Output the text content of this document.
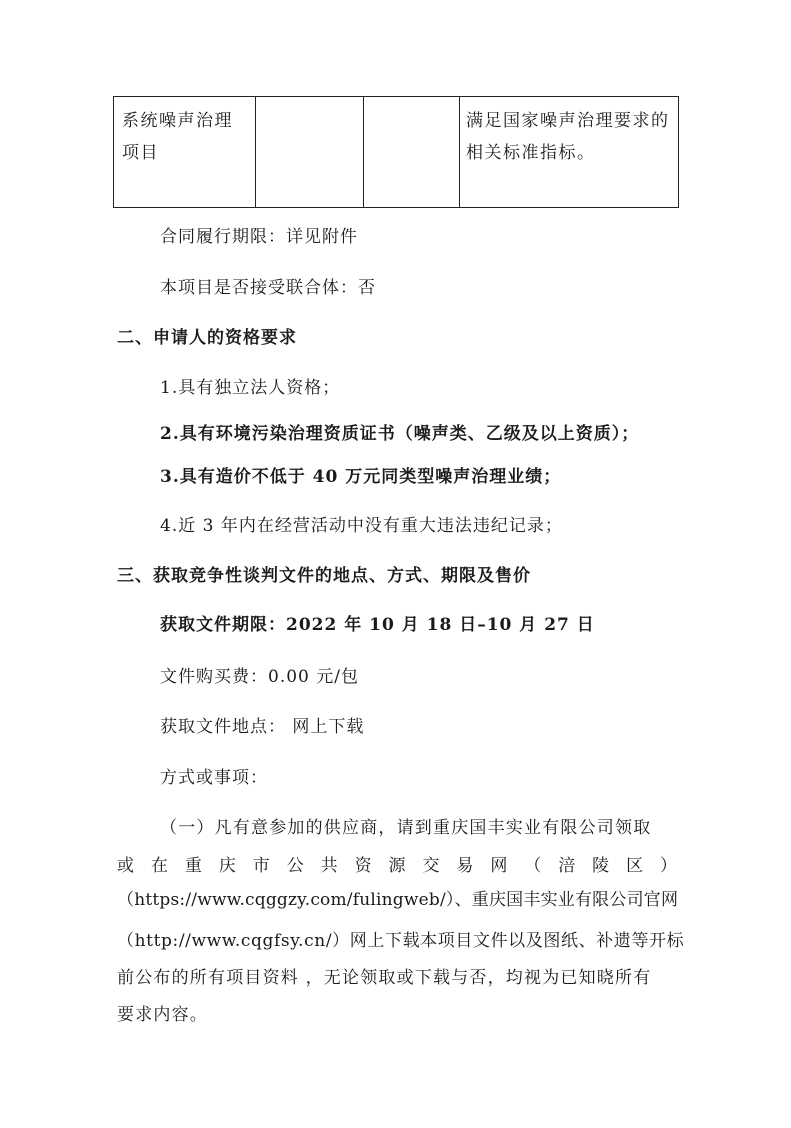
系统噪声治理
项目
满足国家噪声治理要求的
相关标准指标。
合同履行期限：详见附件
本项目是否接受联合体：否
二、申请人的资格要求
1.具有独立法人资格；
2.具有环境污染治理资质证书（噪声类、乙级及以上资质）；
3.具有造价不低于 40 万元同类型噪声治理业绩；
4.近 3 年内在经营活动中没有重大违法违纪记录；
三、获取竞争性谈判文件的地点、方式、期限及售价
获取文件期限：2022 年 10 月 18 日–10 月 27 日
文件购买费：0.00 元/包
获取文件地点： 网上下载
方式或事项：
（一）凡有意参加的供应商，请到重庆国丰实业有限公司领取
或 在 重 庆 市 公 共 资 源 交 易 网 （ 涪 陵 区 ）
（https://www.cqggzy.com/fulingweb/）、重庆国丰实业有限公司官网
（http://www.cqgfsy.cn/）网上下载本项目文件以及图纸、补遗等开标
前公布的所有项目资料 ，无论领取或下载与否，均视为已知晓所有
要求内容。
